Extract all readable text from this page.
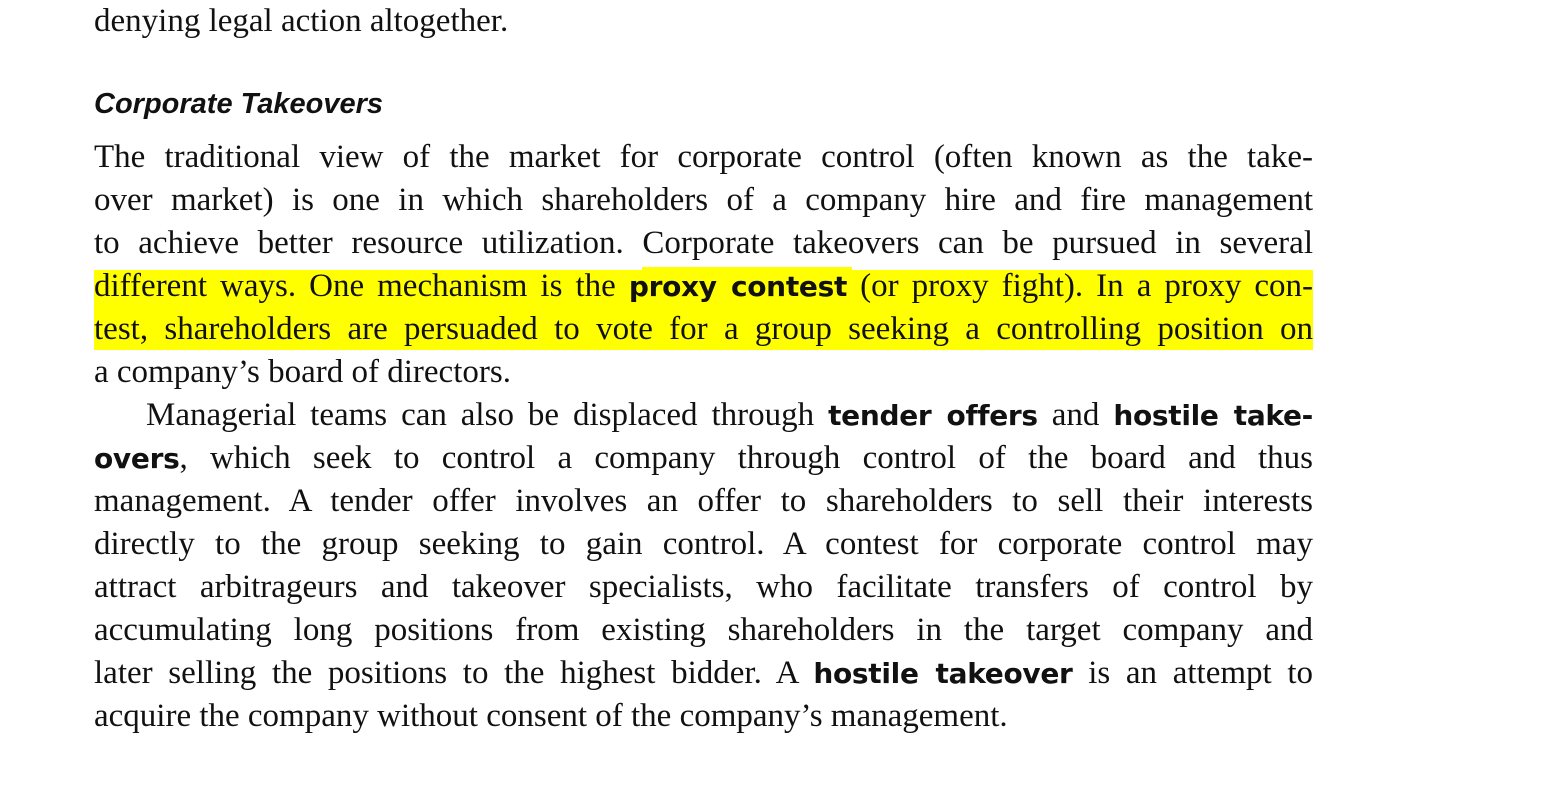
denying legal action altogether.
Corporate Takeovers
The traditional view of the market for corporate control (often known as the take-
over market) is one in which shareholders of a company hire and fire management
to achieve better resource utilization. Corporate takeovers can be pursued in several
different ways. One mechanism is the proxy contest (or proxy fight). In a proxy con-
test, shareholders are persuaded to vote for a group seeking a controlling position on
a company’s board of directors.
Managerial teams can also be displaced through tender offers and hostile take-
overs, which seek to control a company through control of the board and thus
management. A tender offer involves an offer to shareholders to sell their interests
directly to the group seeking to gain control. A contest for corporate control may
attract arbitrageurs and takeover specialists, who facilitate transfers of control by
accumulating long positions from existing shareholders in the target company and
later selling the positions to the highest bidder. A hostile takeover is an attempt to
acquire the company without consent of the company’s management.
